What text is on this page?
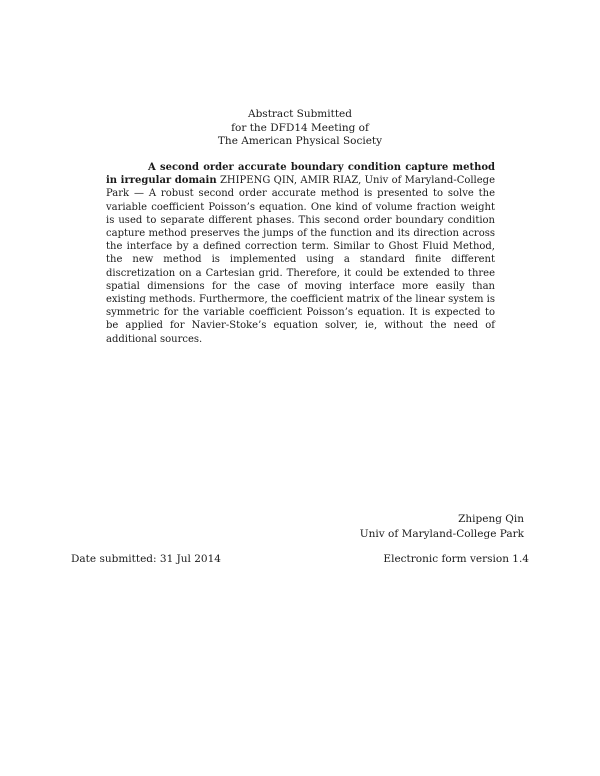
Abstract Submitted
for the DFD14 Meeting of
The American Physical Society
A second order accurate boundary condition capture method in irregular domain ZHIPENG QIN, AMIR RIAZ, Univ of Maryland-College Park — A robust second order accurate method is presented to solve the variable coefficient Poisson’s equation. One kind of volume fraction weight is used to separate different phases. This second order boundary condition capture method preserves the jumps of the function and its direction across the interface by a defined correction term. Similar to Ghost Fluid Method, the new method is implemented using a standard finite different discretization on a Cartesian grid. Therefore, it could be extended to three spatial dimensions for the case of moving interface more easily than existing methods. Furthermore, the coefficient matrix of the linear system is symmetric for the variable coefficient Poisson’s equation. It is expected to be applied for Navier-Stoke’s equation solver, ie, without the need of additional sources.
Zhipeng Qin
Univ of Maryland-College Park
Date submitted: 31 Jul 2014	Electronic form version 1.4
